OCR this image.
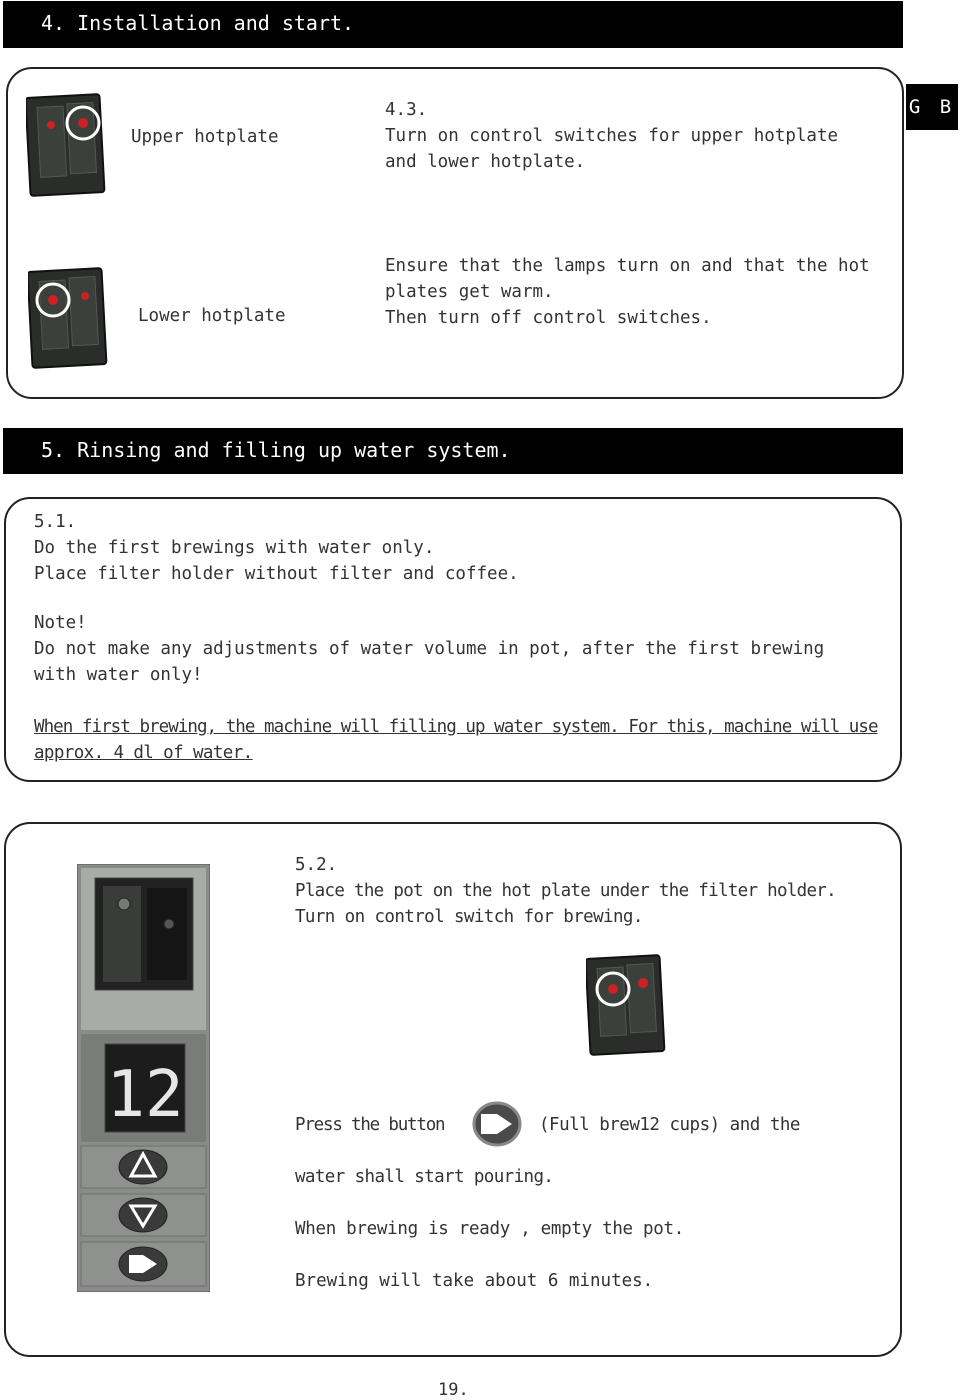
4. Installation and start.
G B
Upper hotplate
Lower hotplate
4.3.
Turn on control switches for upper hotplate
and lower hotplate.
Ensure that the lamps turn on and that the hot
plates get warm.
Then turn off control switches.
5. Rinsing and filling up water system.
5.1.
Do the first brewings with water only.
Place filter holder without filter and coffee.
Note!
Do not make any adjustments of water volume in pot, after the first brewing
with water only!
When first brewing, the machine will filling up water system. For this, machine will use
approx. 4 dl of water.
12
5.2.
Place the pot on the hot plate under the filter holder.
Turn on control switch for brewing.
Press the button	(Full brew12 cups) and the
water shall start pouring.
When brewing is ready , empty the pot.
Brewing will take about 6 minutes.
19.
